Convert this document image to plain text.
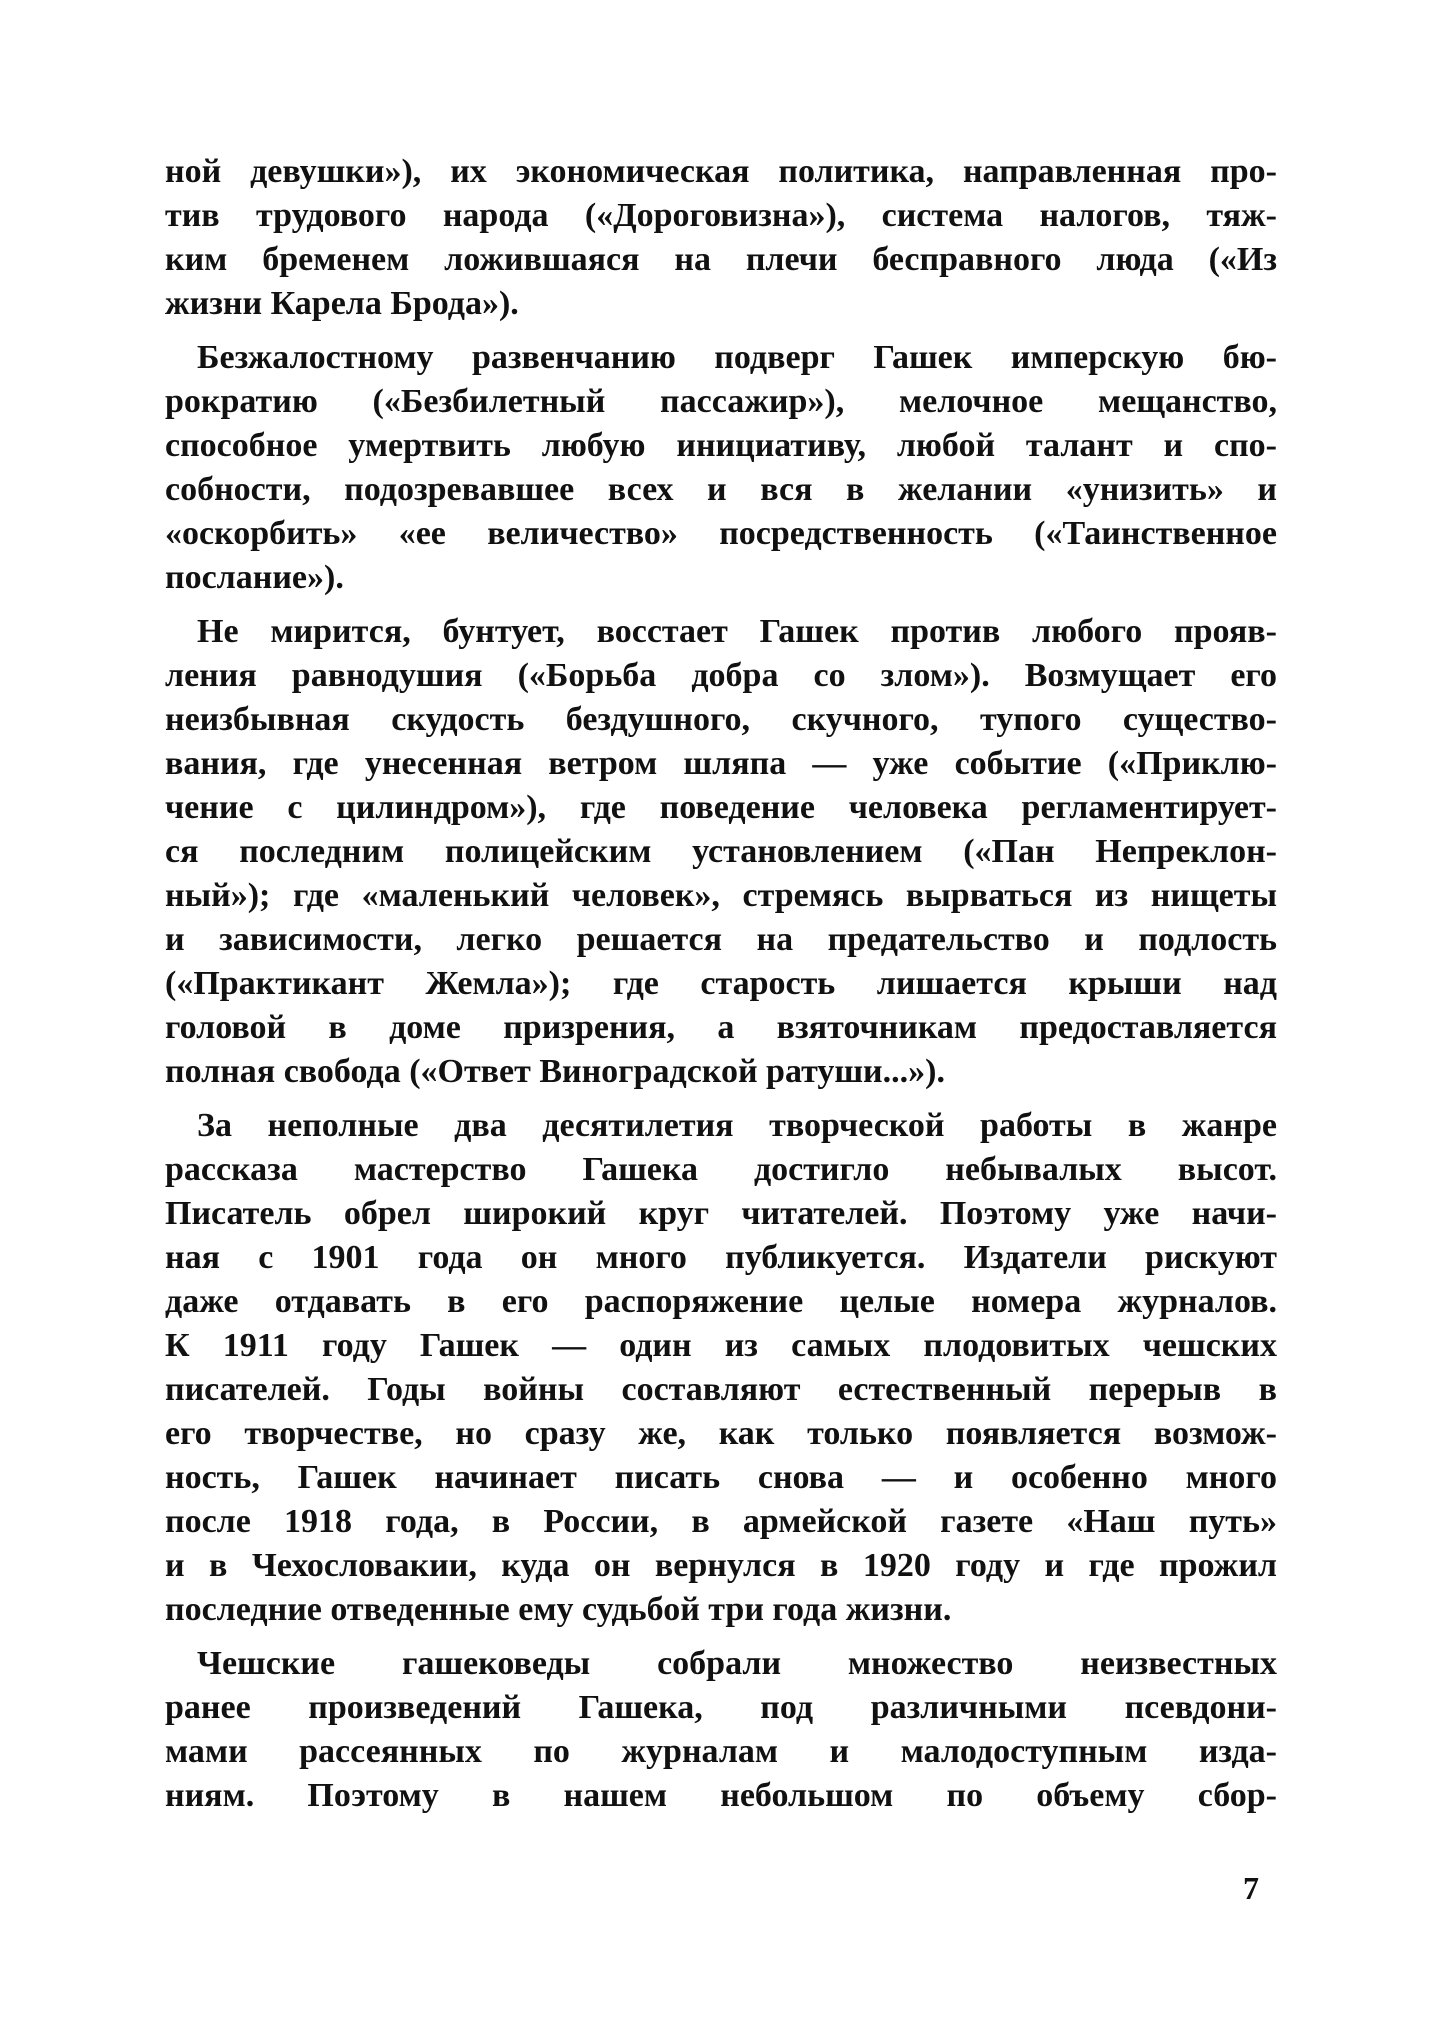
ной девушки»), их экономическая политика, направленная про-
тив трудового народа («Дороговизна»), система налогов, тяж-
ким бременем ложившаяся на плечи бесправного люда («Из
жизни Карела Брода»).
Безжалостному развенчанию подверг Гашек имперскую бю-
рократию («Безбилетный пассажир»), мелочное мещанство,
способное умертвить любую инициативу, любой талант и спо-
собности, подозревавшее всех и вся в желании «унизить» и
«оскорбить» «ее величество» посредственность («Таинственное
послание»).
Не мирится, бунтует, восстает Гашек против любого прояв-
ления равнодушия («Борьба добра со злом»). Возмущает его
неизбывная скудость бездушного, скучного, тупого существо-
вания, где унесенная ветром шляпа — уже событие («Приклю-
чение с цилиндром»), где поведение человека регламентирует-
ся последним полицейским установлением («Пан Непреклон-
ный»); где «маленький человек», стремясь вырваться из нищеты
и зависимости, легко решается на предательство и подлость
(«Практикант Жемла»); где старость лишается крыши над
головой в доме призрения, а взяточникам предоставляется
полная свобода («Ответ Виноградской ратуши...»).
За неполные два десятилетия творческой работы в жанре
рассказа мастерство Гашека достигло небывалых высот.
Писатель обрел широкий круг читателей. Поэтому уже начи-
ная с 1901 года он много публикуется. Издатели рискуют
даже отдавать в его распоряжение целые номера журналов.
К 1911 году Гашек — один из самых плодовитых чешских
писателей. Годы войны составляют естественный перерыв в
его творчестве, но сразу же, как только появляется возмож-
ность, Гашек начинает писать снова — и особенно много
после 1918 года, в России, в армейской газете «Наш путь»
и в Чехословакии, куда он вернулся в 1920 году и где прожил
последние отведенные ему судьбой три года жизни.
Чешские гашековеды собрали множество неизвестных
ранее произведений Гашека, под различными псевдони-
мами рассеянных по журналам и малодоступным изда-
ниям. Поэтому в нашем небольшом по объему сбор-
7
